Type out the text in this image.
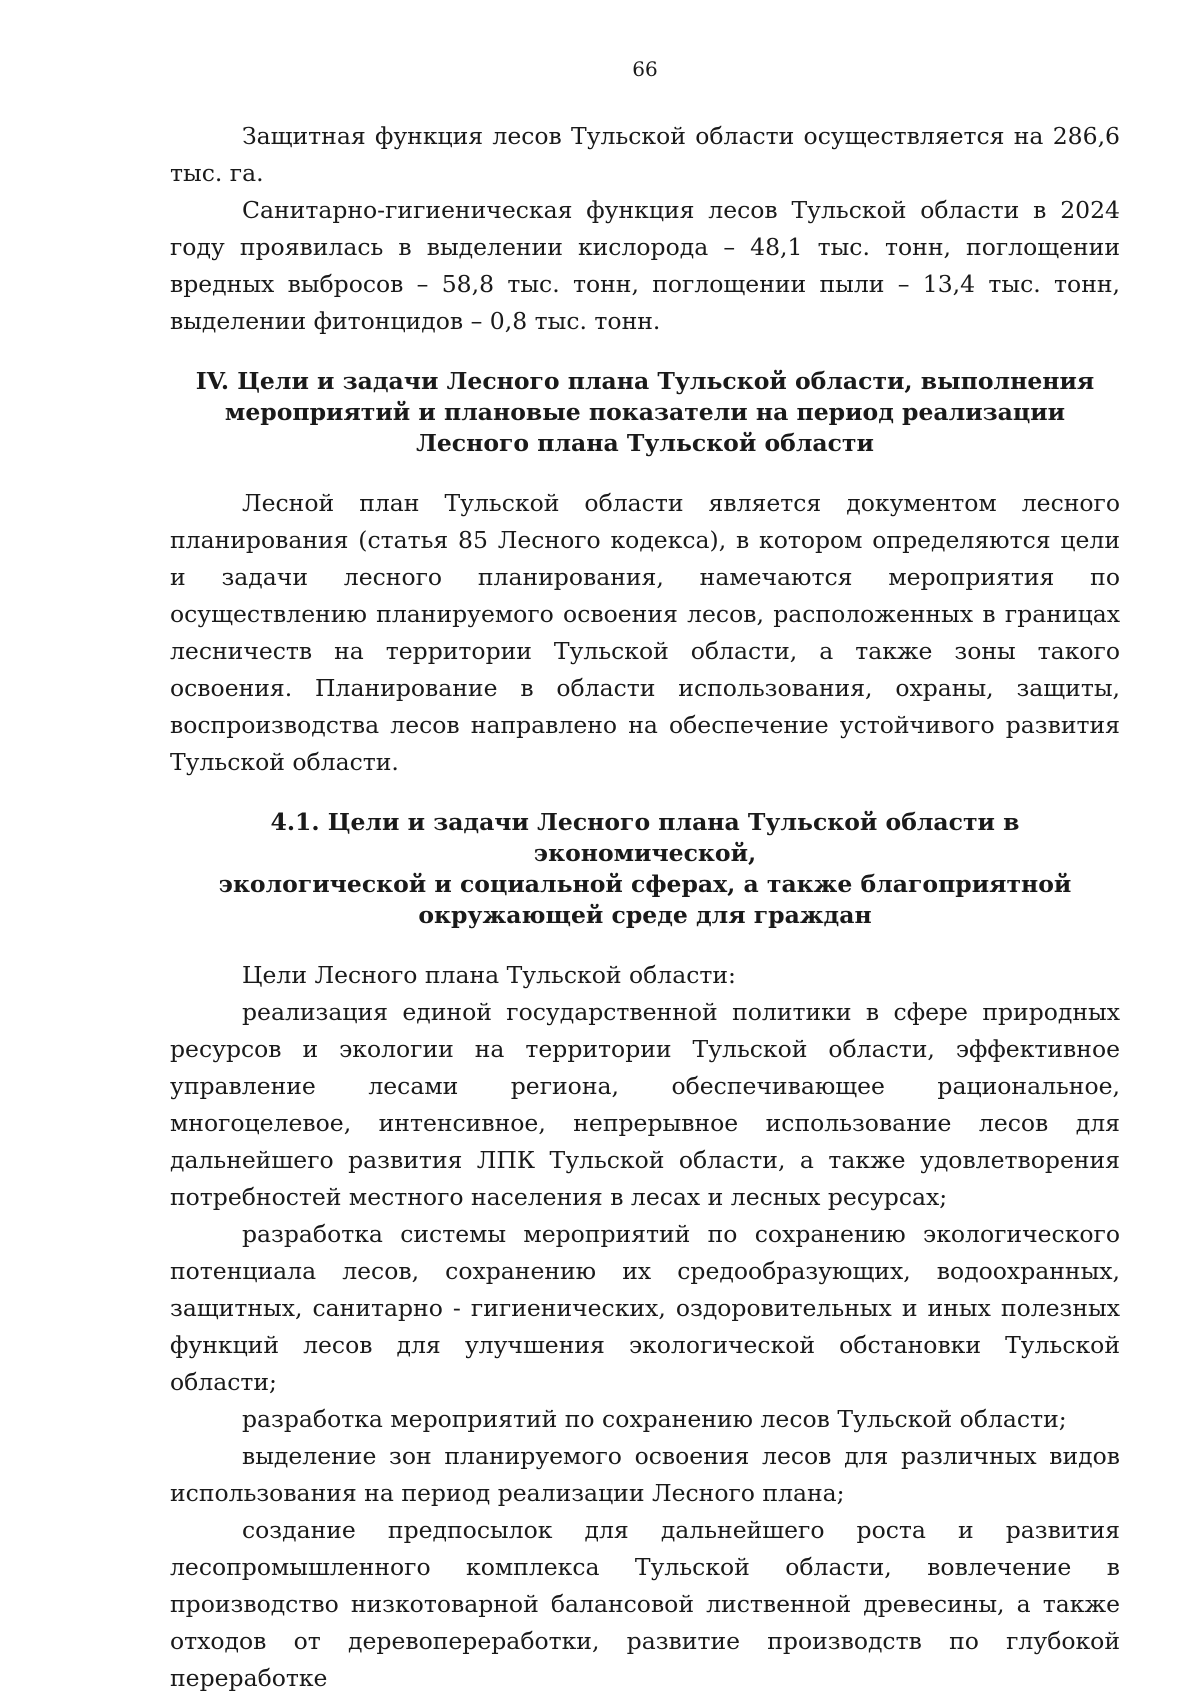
66

Защитная функция лесов Тульской области осуществляется на 286,6 тыс. га.

Санитарно-гигиеническая функция лесов Тульской области в 2024 году проявилась в выделении кислорода – 48,1 тыс. тонн, поглощении вредных выбросов – 58,8 тыс. тонн, поглощении пыли – 13,4 тыс. тонн, выделении фитонцидов – 0,8 тыс. тонн.

IV. Цели и задачи Лесного плана Тульской области, выполнения
мероприятий и плановые показатели на период реализации
Лесного плана Тульской области

Лесной план Тульской области является документом лесного планирования (статья 85 Лесного кодекса), в котором определяются цели и задачи лесного планирования, намечаются мероприятия по осуществлению планируемого освоения лесов, расположенных в границах лесничеств на территории Тульской области, а также зоны такого освоения. Планирование в области использования, охраны, защиты, воспроизводства лесов направлено на обеспечение устойчивого развития Тульской области.

4.1. Цели и задачи Лесного плана Тульской области в экономической,
экологической и социальной сферах, а также благоприятной
окружающей среде для граждан

Цели Лесного плана Тульской области:

реализация единой государственной политики в сфере природных ресурсов и экологии на территории Тульской области, эффективное управление лесами региона, обеспечивающее рациональное, многоцелевое, интенсивное, непрерывное использование лесов для дальнейшего развития ЛПК Тульской области, а также удовлетворения потребностей местного населения в лесах и лесных ресурсах;

разработка системы мероприятий по сохранению экологического потенциала лесов, сохранению их средообразующих, водоохранных, защитных, санитарно - гигиенических, оздоровительных и иных полезных функций лесов для улучшения экологической обстановки Тульской области;

разработка мероприятий по сохранению лесов Тульской области;

выделение зон планируемого освоения лесов для различных видов использования на период реализации Лесного плана;

создание предпосылок для дальнейшего роста и развития лесопромышленного комплекса Тульской области, вовлечение в производство низкотоварной балансовой лиственной древесины, а также отходов от деревопереработки, развитие производств по глубокой переработке
